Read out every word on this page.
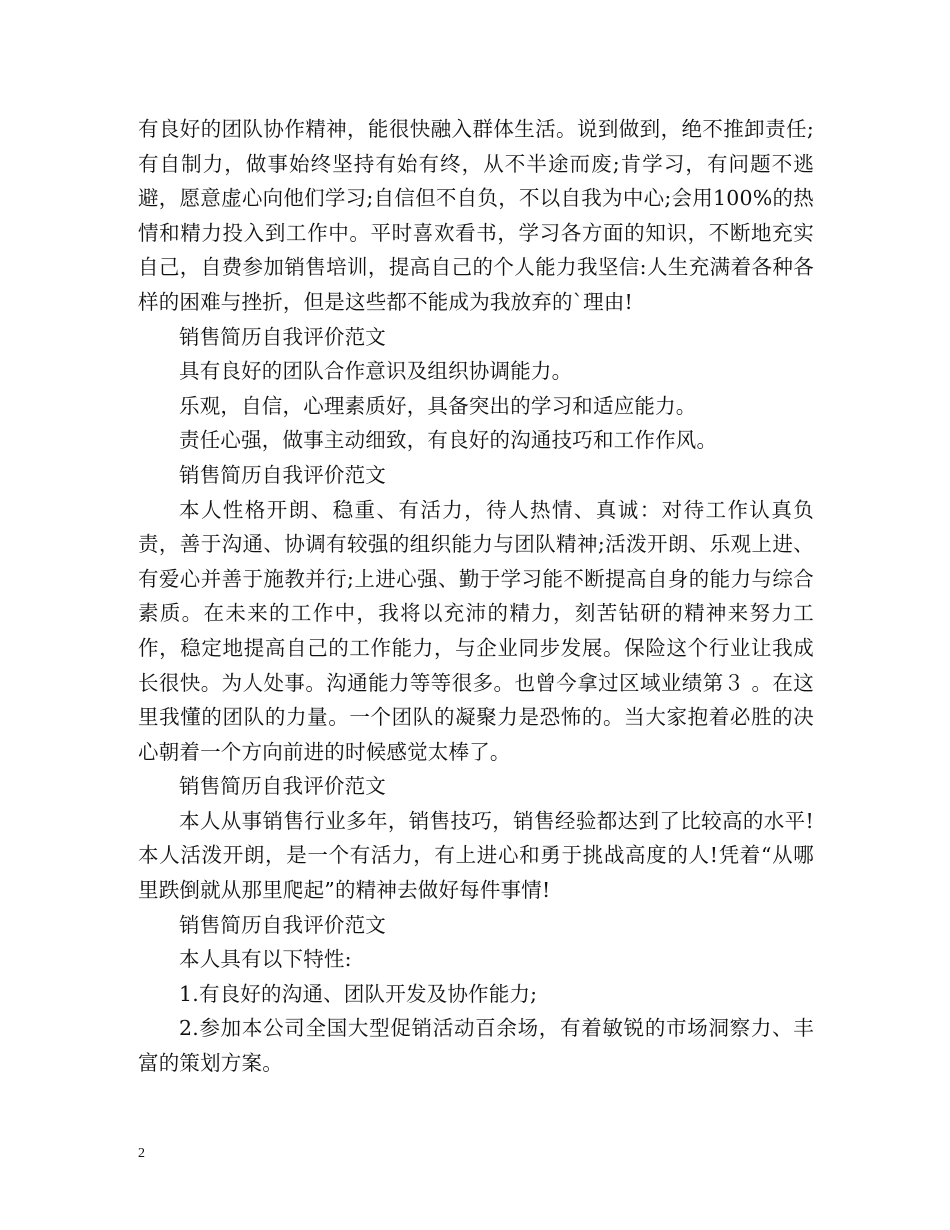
有良好的团队协作精神，能很快融入群体生活。说到做到，绝不推卸责任;有自制力，做事始终坚持有始有终，从不半途而废;肯学习，有问题不逃避，愿意虚心向他们学习;自信但不自负，不以自我为中心;会用100%的热情和精力投入到工作中。平时喜欢看书，学习各方面的知识，不断地充实自己，自费参加销售培训，提高自己的个人能力我坚信:人生充满着各种各样的困难与挫折，但是这些都不能成为我放弃的`理由!

销售简历自我评价范文

具有良好的团队合作意识及组织协调能力。

乐观，自信，心理素质好，具备突出的学习和适应能力。

责任心强，做事主动细致，有良好的沟通技巧和工作作风。

销售简历自我评价范文

本人性格开朗、稳重、有活力，待人热情、真诚：对待工作认真负责，善于沟通、协调有较强的组织能力与团队精神;活泼开朗、乐观上进、有爱心并善于施教并行;上进心强、勤于学习能不断提高自身的能力与综合素质。在未来的工作中，我将以充沛的精力，刻苦钻研的精神来努力工作，稳定地提高自己的工作能力，与企业同步发展。保险这个行业让我成长很快。为人处事。沟通能力等等很多。也曾今拿过区域业绩第３ 。在这里我懂的团队的力量。一个团队的凝聚力是恐怖的。当大家抱着必胜的决心朝着一个方向前进的时候感觉太棒了。

销售简历自我评价范文

本人从事销售行业多年，销售技巧，销售经验都达到了比较高的水平!本人活泼开朗，是一个有活力，有上进心和勇于挑战高度的人!凭着“从哪里跌倒就从那里爬起”的精神去做好每件事情!

销售简历自我评价范文

本人具有以下特性:

1.有良好的沟通、团队开发及协作能力;

2.参加本公司全国大型促销活动百余场，有着敏锐的市场洞察力、丰富的策划方案。

2
